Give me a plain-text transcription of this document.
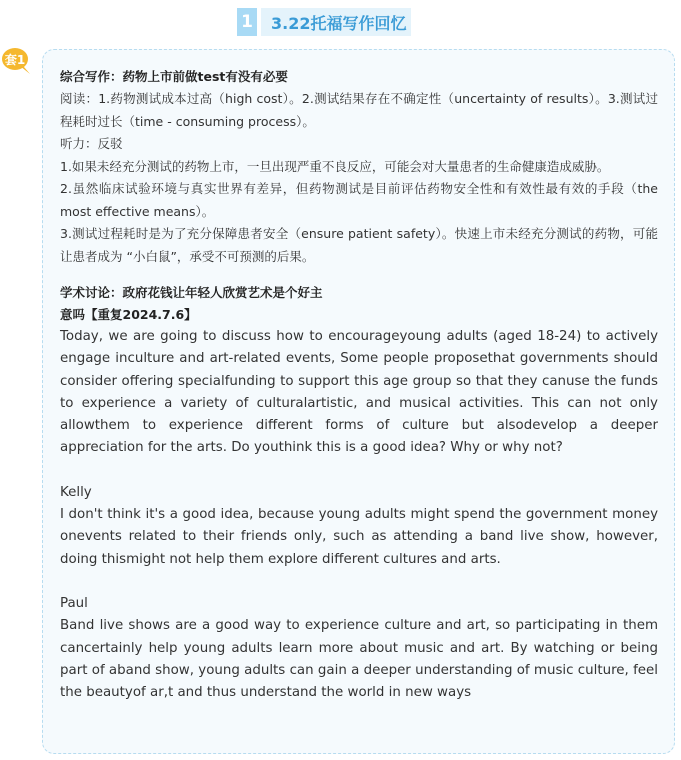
1	3.22托福写作回忆
套1
综合写作：药物上市前做test有没有必要
阅读：1.药物测试成本过高（high cost）。2.测试结果存在不确定性（uncertainty of results）。3.测试过程耗时过长（time - consuming process）。
听力：反驳
1.如果未经充分测试的药物上市，一旦出现严重不良反应，可能会对大量患者的生命健康造成威胁。
2.虽然临床试验环境与真实世界有差异，但药物测试是目前评估药物安全性和有效性最有效的手段（the most effective means）。
3.测试过程耗时是为了充分保障患者安全（ensure patient safety）。快速上市未经充分测试的药物，可能让患者成为 “小白鼠”，承受不可预测的后果。
学术讨论：政府花钱让年轻人欣赏艺术是个好主
意吗【重复2024.7.6】
Today, we are going to discuss how to encourageyoung adults (aged 18-24) to actively engage inculture and art-related events, Some people proposethat governments should consider offering specialfunding to support this age group so that they canuse the funds to experience a variety of culturalartistic, and musical activities. This can not only allowthem to experience different forms of culture but alsodevelop a deeper appreciation for the arts. Do youthink this is a good idea? Why or why not?
Kelly
I don't think it's a good idea, because young adults might spend the government money onevents related to their friends only, such as attending a band live show, however, doing thismight not help them explore different cultures and arts.
Paul
Band live shows are a good way to experience culture and art, so participating in them cancertainly help young adults learn more about music and art. By watching or being part of aband show, young adults can gain a deeper understanding of music culture, feel the beautyof ar,t and thus understand the world in new ways
